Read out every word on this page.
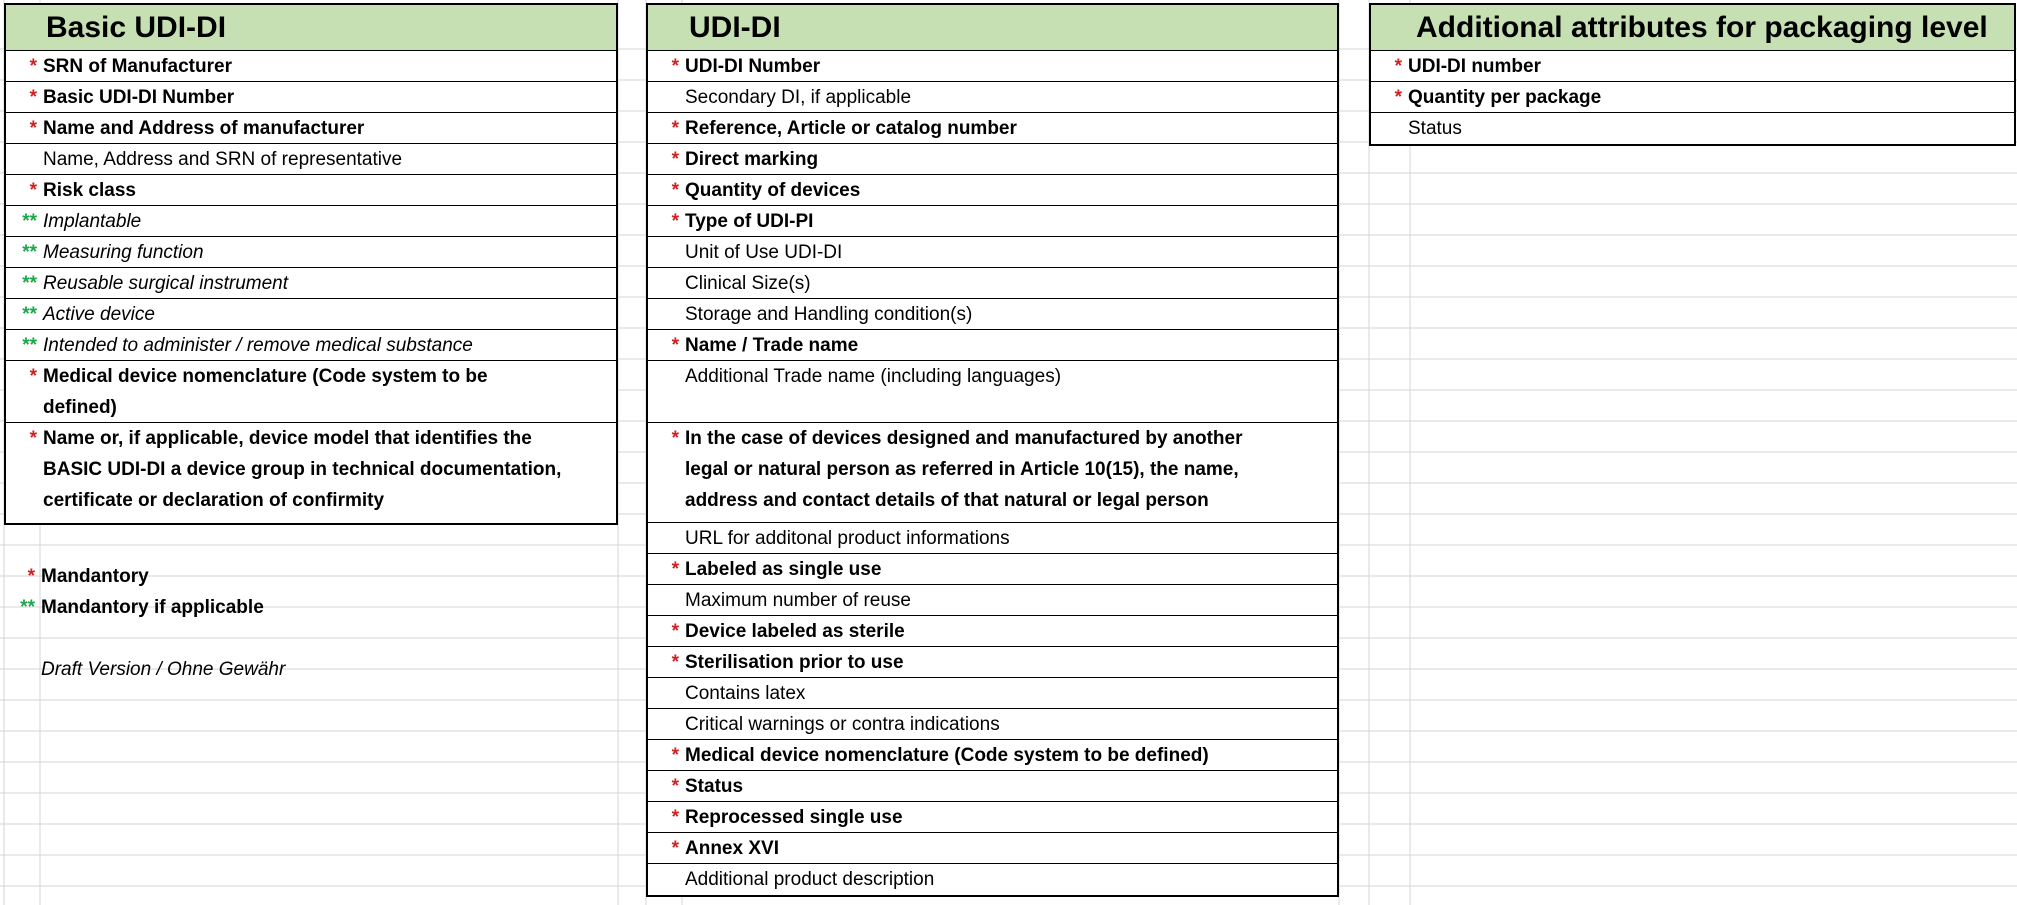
Basic UDI-DI
* SRN of Manufacturer
* Basic UDI-DI Number
* Name and Address of manufacturer
Name, Address and SRN of representative
* Risk class
** Implantable
** Measuring function
** Reusable surgical instrument
** Active device
** Intended to administer / remove medical substance
* Medical device nomenclature (Code system to be
defined)
* Name or, if applicable, device model that identifies the
BASIC UDI-DI a device group in technical documentation,
certificate or declaration of confirmity
* Mandantory
** Mandantory if applicable
Draft Version / Ohne Gewähr
UDI-DI
* UDI-DI Number
Secondary DI, if applicable
* Reference, Article or catalog number
* Direct marking
* Quantity of devices
* Type of UDI-PI
Unit of Use UDI-DI
Clinical Size(s)
Storage and Handling condition(s)
* Name / Trade name
Additional Trade name (including languages)
* In the case of devices designed and manufactured by another
legal or natural person as referred in Article 10(15), the name,
address and contact details of that natural or legal person
URL for additonal product informations
* Labeled as single use
Maximum number of reuse
* Device labeled as sterile
* Sterilisation prior to use
Contains latex
Critical warnings or contra indications
* Medical device nomenclature (Code system to be defined)
* Status
* Reprocessed single use
* Annex XVI
Additional product description
Additional attributes for packaging level
* UDI-DI number
* Quantity per package
Status
